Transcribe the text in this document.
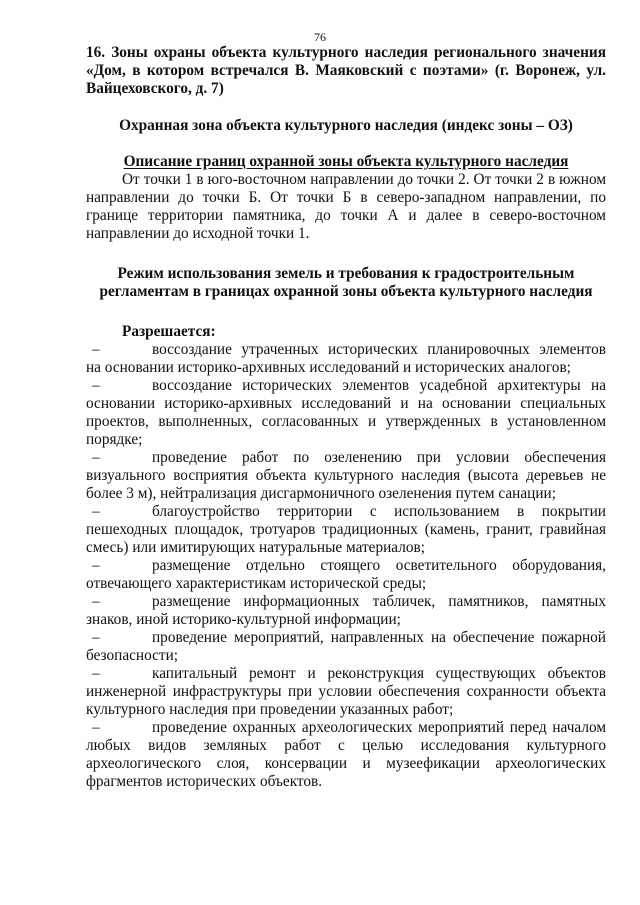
76

16. Зоны охраны объекта культурного наследия регионального значения «Дом, в котором встречался В. Маяковский с поэтами» (г. Воронеж, ул. Вайцеховского, д. 7)

Охранная зона объекта культурного наследия (индекс зоны – ОЗ)

Описание границ охранной зоны объекта культурного наследия

От точки 1 в юго-восточном направлении до точки 2. От точки 2 в южном направлении до точки Б. От точки Б в северо-западном направлении, по границе территории памятника, до точки А и далее в северо-восточном направлении до исходной точки 1.

Режим использования земель и требования к градостроительным регламентам в границах охранной зоны объекта культурного наследия

Разрешается:

–	воссоздание утраченных исторических планировочных элементов
на основании историко-архивных исследований и исторических аналогов;
–	воссоздание исторических элементов усадебной архитектуры на
основании историко-архивных исследований и на основании специальных проектов, выполненных, согласованных и утвержденных в установленном порядке;
–	проведение работ по озеленению при условии обеспечения
визуального восприятия объекта культурного наследия (высота деревьев не более 3 м), нейтрализация дисгармоничного озеленения путем санации;
–	благоустройство территории с использованием в покрытии
пешеходных площадок, тротуаров традиционных (камень, гранит, гравийная смесь) или имитирующих натуральные материалов;
–	размещение отдельно стоящего осветительного оборудования,
отвечающего характеристикам исторической среды;
–	размещение информационных табличек, памятников, памятных
знаков, иной историко-культурной информации;
–	проведение мероприятий, направленных на обеспечение пожарной
безопасности;
–	капитальный ремонт и реконструкция существующих объектов
инженерной инфраструктуры при условии обеспечения сохранности объекта культурного наследия при проведении указанных работ;
–	проведение охранных археологических мероприятий перед началом
любых видов земляных работ с целью исследования культурного археологического слоя, консервации и музеефикации археологических фрагментов исторических объектов.
